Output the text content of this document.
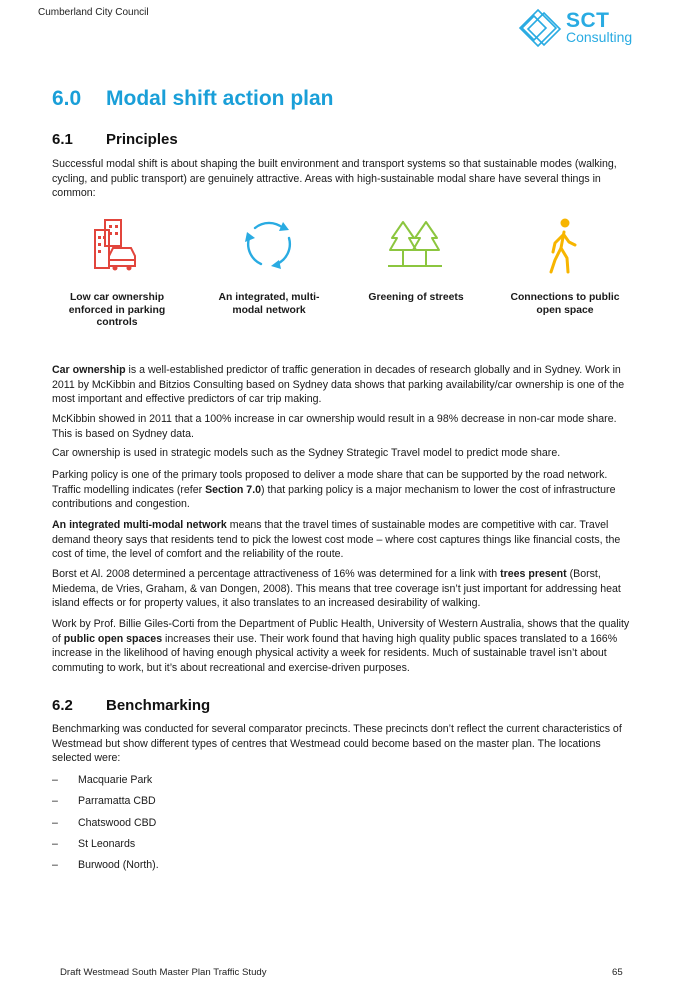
Cumberland City Council	SCT
Consulting
6.0 Modal shift action plan
6.1 Principles
Successful modal shift is about shaping the built environment and transport systems so that sustainable modes (walking, cycling, and public transport) are genuinely attractive. Areas with high-sustainable modal share have several things in common:
Low car ownership enforced in parking controls
An integrated, multi-modal network
Greening of streets	Connections to public open space
Car ownership is a well-established predictor of traffic generation in decades of research globally and in Sydney. Work in 2011 by McKibbin and Bitzios Consulting based on Sydney data shows that parking availability/car ownership is one of the most important and effective predictors of car trip making.
McKibbin showed in 2011 that a 100% increase in car ownership would result in a 98% decrease in non-car mode share. This is based on Sydney data.
Car ownership is used in strategic models such as the Sydney Strategic Travel model to predict mode share.
Parking policy is one of the primary tools proposed to deliver a mode share that can be supported by the road network. Traffic modelling indicates (refer Section 7.0) that parking policy is a major mechanism to lower the cost of infrastructure contributions and congestion.
An integrated multi-modal network means that the travel times of sustainable modes are competitive with car. Travel demand theory says that residents tend to pick the lowest cost mode – where cost captures things like financial costs, the cost of time, the level of comfort and the reliability of the route.
Borst et Al. 2008 determined a percentage attractiveness of 16% was determined for a link with trees present (Borst, Miedema, de Vries, Graham, & van Dongen, 2008). This means that tree coverage isn’t just important for addressing heat island effects or for property values, it also translates to an increased desirability of walking.
Work by Prof. Billie Giles-Corti from the Department of Public Health, University of Western Australia, shows that the quality of public open spaces increases their use. Their work found that having high quality public spaces translated to a 166% increase in the likelihood of having enough physical activity a week for residents. Much of sustainable travel isn’t about commuting to work, but it’s about recreational and exercise-driven purposes.
6.2 Benchmarking
Benchmarking was conducted for several comparator precincts. These precincts don’t reflect the current characteristics of Westmead but show different types of centres that Westmead could become based on the master plan. The locations selected were:
– Macquarie Park
– Parramatta CBD
– Chatswood CBD
– St Leonards
– Burwood (North).
Draft Westmead South Master Plan Traffic Study	65
